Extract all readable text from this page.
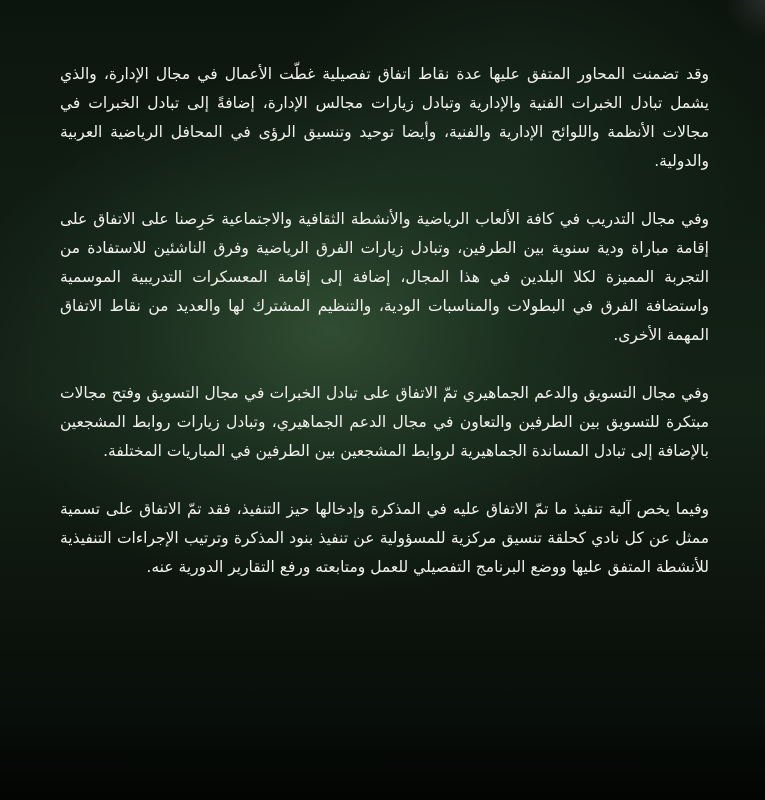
وقد تضمنت المحاور المتفق عليها عدة نقاط اتفاق تفصيلية غطّت الأعمال في مجال الإدارة، والذي يشمل تبادل الخبرات الفنية والإدارية وتبادل زيارات مجالس الإدارة، إضافةً إلى تبادل الخبرات في مجالات الأنظمة واللوائح الإدارية والفنية، وأيضا توحيد وتنسيق الرؤى في المحافل الرياضية العربية والدولية.

وفي مجال التدريب في كافة الألعاب الرياضية والأنشطة الثقافية والاجتماعية حَرِصنا على الاتفاق على إقامة مباراة ودية سنوية بين الطرفين، وتبادل زيارات الفرق الرياضية وفرق الناشئين للاستفادة من التجربة المميزة لكلا البلدين في هذا المجال، إضافة إلى إقامة المعسكرات التدريبية الموسمية واستضافة الفرق في البطولات والمناسبات الودية، والتنظيم المشترك لها والعديد من نقاط الاتفاق المهمة الأخرى.

وفي مجال التسويق والدعم الجماهيري تمّ الاتفاق على تبادل الخبرات في مجال التسويق وفتح مجالات مبتكرة للتسويق بين الطرفين والتعاون في مجال الدعم الجماهيري، وتبادل زيارات روابط المشجعين بالإضافة إلى تبادل المساندة الجماهيرية لروابط المشجعين بين الطرفين في المباريات المختلفة.

وفيما يخص آلية تنفيذ ما تمّ الاتفاق عليه في المذكرة وإدخالها حيز التنفيذ، فقد تمّ الاتفاق على تسمية ممثل عن كل نادي كحلقة تنسيق مركزية للمسؤولية عن تنفيذ بنود المذكرة وترتيب الإجراءات التنفيذية للأنشطة المتفق عليها ووضع البرنامج التفصيلي للعمل ومتابعته ورفع التقارير الدورية عنه.
